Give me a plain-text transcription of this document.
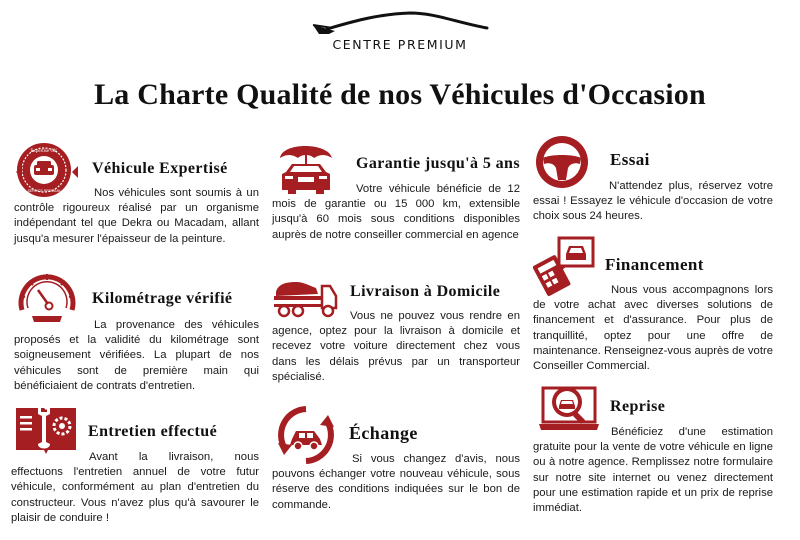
CENTRE PREMIUM
La Charte Qualité de nos Véhicules d'Occasion
Expertise OK
SERVICE PREMIUM
Véhicule Expertisé
Nos véhicules sont soumis à un contrôle rigoureux réalisé par un organisme indépendant tel que Dekra ou Macadam, allant jusqu'a mesurer l'épaisseur de la peinture.
Garantie jusqu'à 5 ans
Votre véhicule bénéficie de 12 mois de garantie ou 15 000 km, extensible jusqu'à 60 mois sous conditions disponibles auprès de notre conseiller commercial en agence
Essai
N'attendez plus, réservez votre essai ! Essayez le véhicule d'occasion de votre choix sous 24 heures.
Kilométrage vérifié
La provenance des véhicules proposés et la validité du kilométrage sont soigneusement vérifiées. La plupart de nos véhicules sont de première main qui bénéficiaient de contrats d'entretien.
Livraison à Domicile
Vous ne pouvez vous rendre en agence, optez pour la livraison à domicile et recevez votre voiture directement chez vous dans les délais prévus par un transporteur spécialisé.
Financement
Nous vous accompagnons lors de votre achat avec diverses solutions de financement et d'assurance. Pour plus de tranquillité, optez pour une offre de maintenance. Renseignez-vous auprès de votre Conseiller Commercial.
Entretien effectué
Avant la livraison, nous effectuons l'entretien annuel de votre futur véhicule, conformément au plan d'entretien du constructeur. Vous n'avez plus qu'à savourer le plaisir de conduire !
Échange
Si vous changez d'avis, nous pouvons échanger votre nouveau véhicule, sous réserve des conditions indiquées sur le bon de commande.
Reprise
Bénéficiez d'une estimation gratuite pour la vente de votre véhicule en ligne ou à notre agence. Remplissez notre formulaire sur notre site internet ou venez directement pour une estimation rapide et un prix de reprise immédiat.
